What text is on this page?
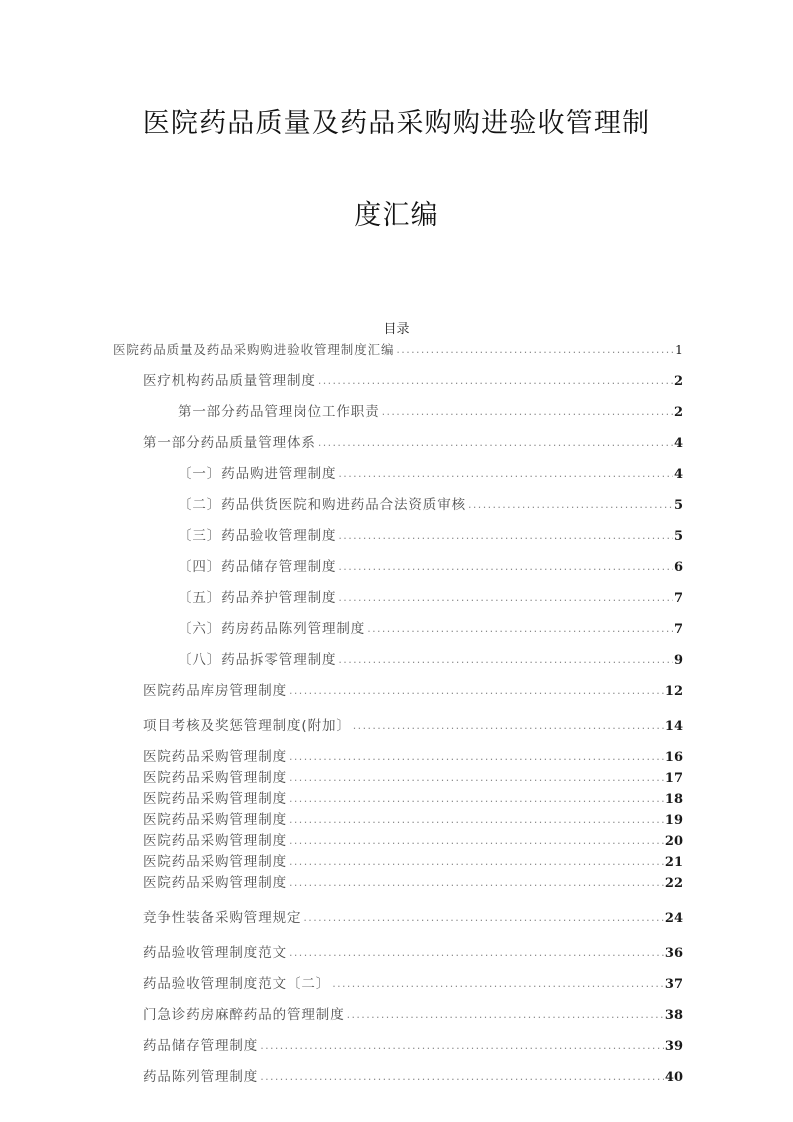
医院药品质量及药品采购购进验收管理制
度汇编
目录
医院药品质量及药品采购购进验收管理制度汇编 .....	1
医疗机构药品质量管理制度 .....	2
第一部分药品管理岗位工作职责 .....	2
第一部分药品质量管理体系 .....	4
〔一〕药品购进管理制度 .....	4
〔二〕药品供货医院和购进药品合法资质审核 .....	5
〔三〕药品验收管理制度 .....	5
〔四〕药品储存管理制度 .....	6
〔五〕药品养护管理制度 .....	7
〔六〕药房药品陈列管理制度 .....	7
〔八〕药品拆零管理制度 .....	9
医院药品库房管理制度 .....	12
项目考核及奖惩管理制度(附加〕 .....	14
医院药品采购管理制度 .....	16
医院药品采购管理制度 .....	17
医院药品采购管理制度 .....	18
医院药品采购管理制度 .....	19
医院药品采购管理制度 .....	20
医院药品采购管理制度 .....	21
医院药品采购管理制度 .....	22
竞争性装备采购管理规定 .....	24
药品验收管理制度范文 .....	36
药品验收管理制度范文〔二〕 .....	37
门急诊药房麻醉药品的管理制度 .....	38
药品储存管理制度 .....	39
药品陈列管理制度 .....	40
